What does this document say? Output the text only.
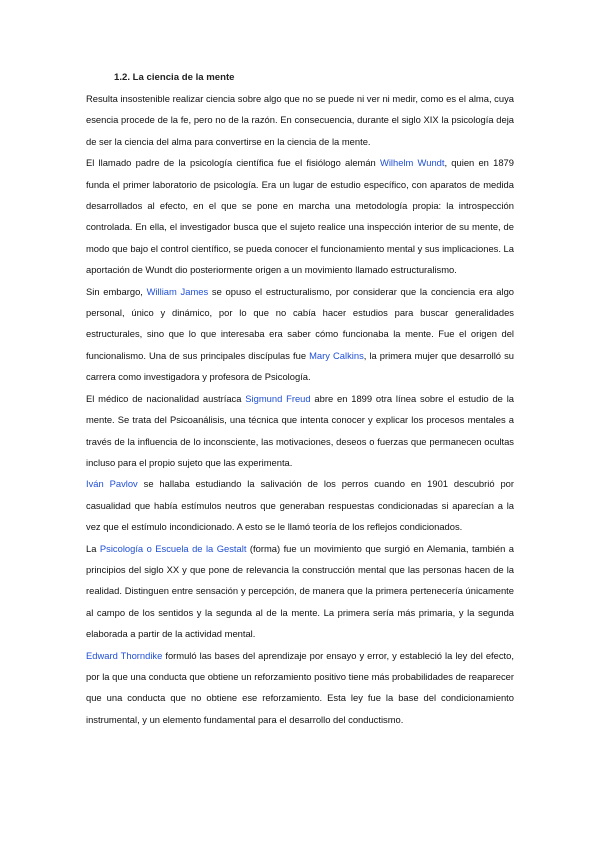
1.2. La ciencia de la mente

Resulta insostenible realizar ciencia sobre algo que no se puede ni ver ni medir, como es el alma, cuya esencia procede de la fe, pero no de la razón. En consecuencia, durante el siglo XIX la psicología deja de ser la ciencia del alma para convertirse en la ciencia de la mente.

El llamado padre de la psicología científica fue el fisiólogo alemán Wilhelm Wundt, quien en 1879 funda el primer laboratorio de psicología. Era un lugar de estudio específico, con aparatos de medida desarrollados al efecto, en el que se pone en marcha una metodología propia: la introspección controlada. En ella, el investigador busca que el sujeto realice una inspección interior de su mente, de modo que bajo el control científico, se pueda conocer el funcionamiento mental y sus implicaciones. La aportación de Wundt dio posteriormente origen a un movimiento llamado estructuralismo.

Sin embargo, William James se opuso el estructuralismo, por considerar que la conciencia era algo personal, único y dinámico, por lo que no cabía hacer estudios para buscar generalidades estructurales, sino que lo que interesaba era saber cómo funcionaba la mente. Fue el origen del funcionalismo. Una de sus principales discípulas fue Mary Calkins, la primera mujer que desarrolló su carrera como investigadora y profesora de Psicología.

El médico de nacionalidad austríaca Sigmund Freud abre en 1899 otra línea sobre el estudio de la mente. Se trata del Psicoanálisis, una técnica que intenta conocer y explicar los procesos mentales a través de la influencia de lo inconsciente, las motivaciones, deseos o fuerzas que permanecen ocultas incluso para el propio sujeto que las experimenta.

Iván Pavlov se hallaba estudiando la salivación de los perros cuando en 1901 descubrió por casualidad que había estímulos neutros que generaban respuestas condicionadas si aparecían a la vez que el estímulo incondicionado. A esto se le llamó teoría de los reflejos condicionados.

La Psicología o Escuela de la Gestalt (forma) fue un movimiento que surgió en Alemania, también a principios del siglo XX y que pone de relevancia la construcción mental que las personas hacen de la realidad. Distinguen entre sensación y percepción, de manera que la primera pertenecería únicamente al campo de los sentidos y la segunda al de la mente. La primera sería más primaria, y la segunda elaborada a partir de la actividad mental.

Edward Thorndike formuló las bases del aprendizaje por ensayo y error, y estableció la ley del efecto, por la que una conducta que obtiene un reforzamiento positivo tiene más probabilidades de reaparecer que una conducta que no obtiene ese reforzamiento. Esta ley fue la base del condicionamiento instrumental, y un elemento fundamental para el desarrollo del conductismo.
